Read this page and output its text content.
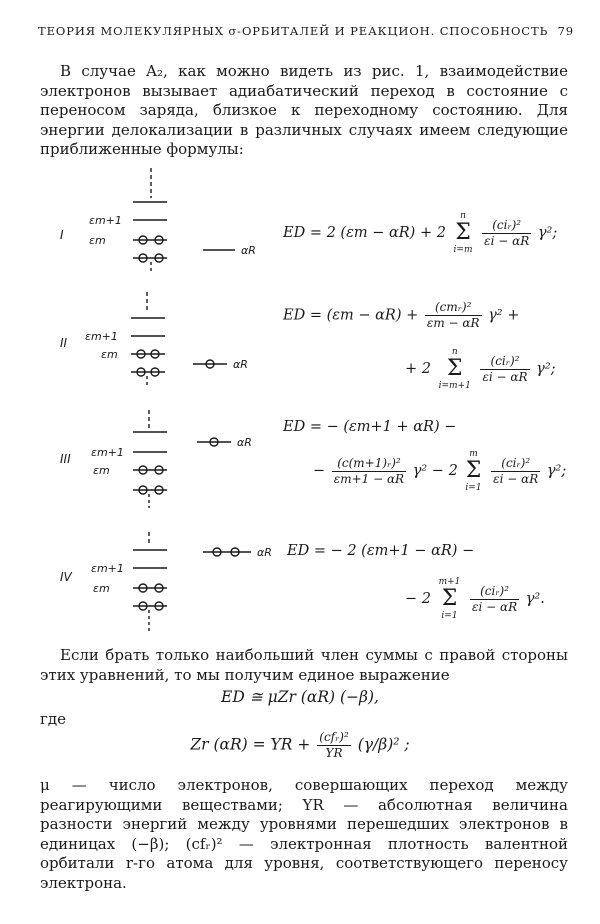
ТЕОРИЯ МОЛЕКУЛЯРНЫХ σ-ОРБИТАЛЕЙ И РЕАКЦИОН. СПОСОБНОСТЬ 79
В случае A₂, как можно видеть из рис. 1, взаимодействие электронов вызывает адиабатический переход в состояние с переносом заряда, близкое к переходному состоянию. Для энергии делокализации в различных случаях имеем следующие приближенные формулы:
εm+1
εm
αR
εm+1
εm
αR
εm+1
εm
αR
εm+1
εm
αR
I
II
III
IV
ED = 2 (εm − αR) + 2
n
Σ
i=m

$\frac{\text{(ciᵣ)²}}{\varepsilon i - \alpha R} \gamma^2$;
ED = $(\varepsilon m - \alpha R) + \frac{\text{(cmᵣ)²}}{\varepsilon m - \alpha R} \gamma^2$ +
+ 2
n
Σ
i=m+1

$\frac{\text{(ciᵣ)²}}{\varepsilon i - \alpha R} \gamma^2$;
ED = − (εm+1 + αR) −
− $\frac{\text{(c(m+1)ᵣ)²}}{\varepsilon m+1 - \alpha R} \gamma^2 - 2$
m
Σ
i=1

$\frac{\text{(ciᵣ)²}}{\varepsilon i - \alpha R} \gamma^2$;
ED = − 2 (εm+1 − αR) −
− 2
m+1
Σ
i=1

$\frac{\text{(ciᵣ)²}}{\varepsilon i - \alpha R} \gamma^2$.
Если брать только наибольший член суммы с правой стороны этих уравнений, то мы получим единое выражение
ED ≅ μZr (αR) (−β),
где
Zr (αR) = YR + $\frac{\text{(cfᵣ)²}}{YR} (\gamma/\beta)^2$ ;
μ — число электронов, совершающих переход между реагирующими веществами; YR — абсолютная величина разности энергий между уровнями перешедших электронов в единицах (−β); (cfᵣ)² — электронная плотность валентной орбитали r-го атома для уровня, соответствующего переносу электрона.
